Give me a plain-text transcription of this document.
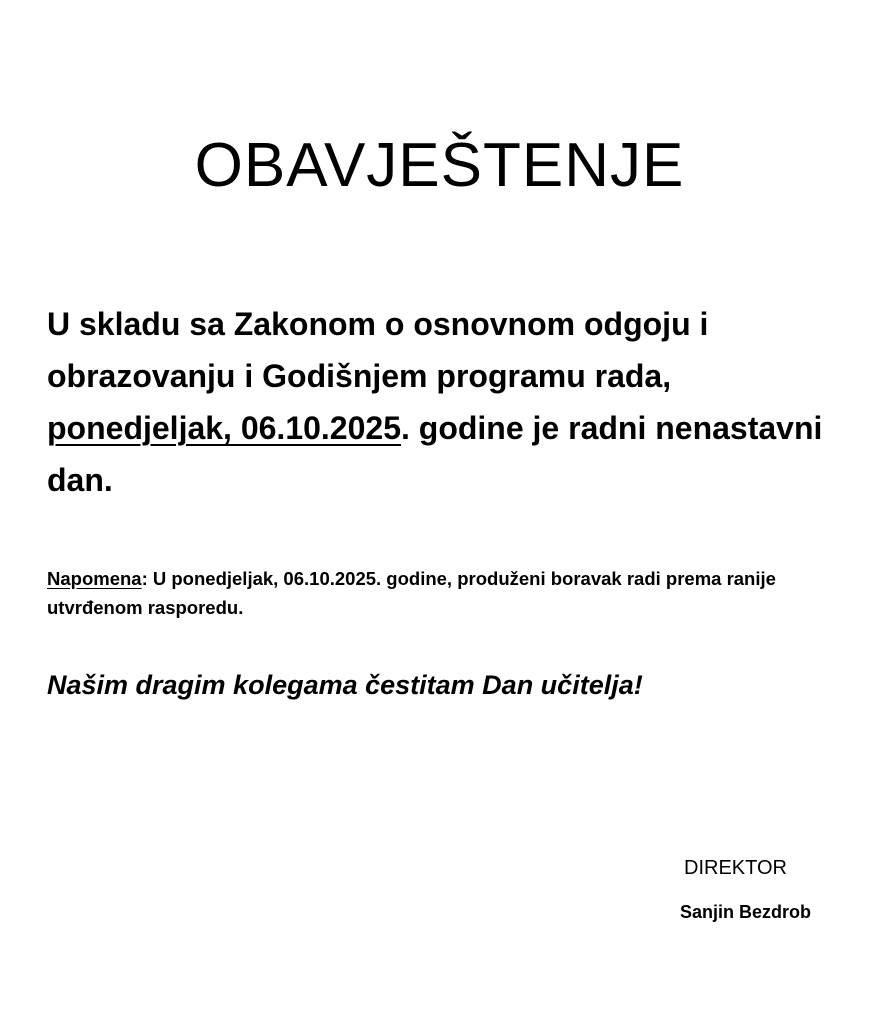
OBAVJEŠTENJE

U skladu sa Zakonom o osnovnom odgoju i obrazovanju i Godišnjem programu rada, ponedjeljak, 06.10.2025. godine je radni nenastavni dan.

Napomena: U ponedjeljak, 06.10.2025. godine, produženi boravak radi prema ranije utvrđenom rasporedu.

Našim dragim kolegama čestitam Dan učitelja!

DIREKTOR

Sanjin Bezdrob
